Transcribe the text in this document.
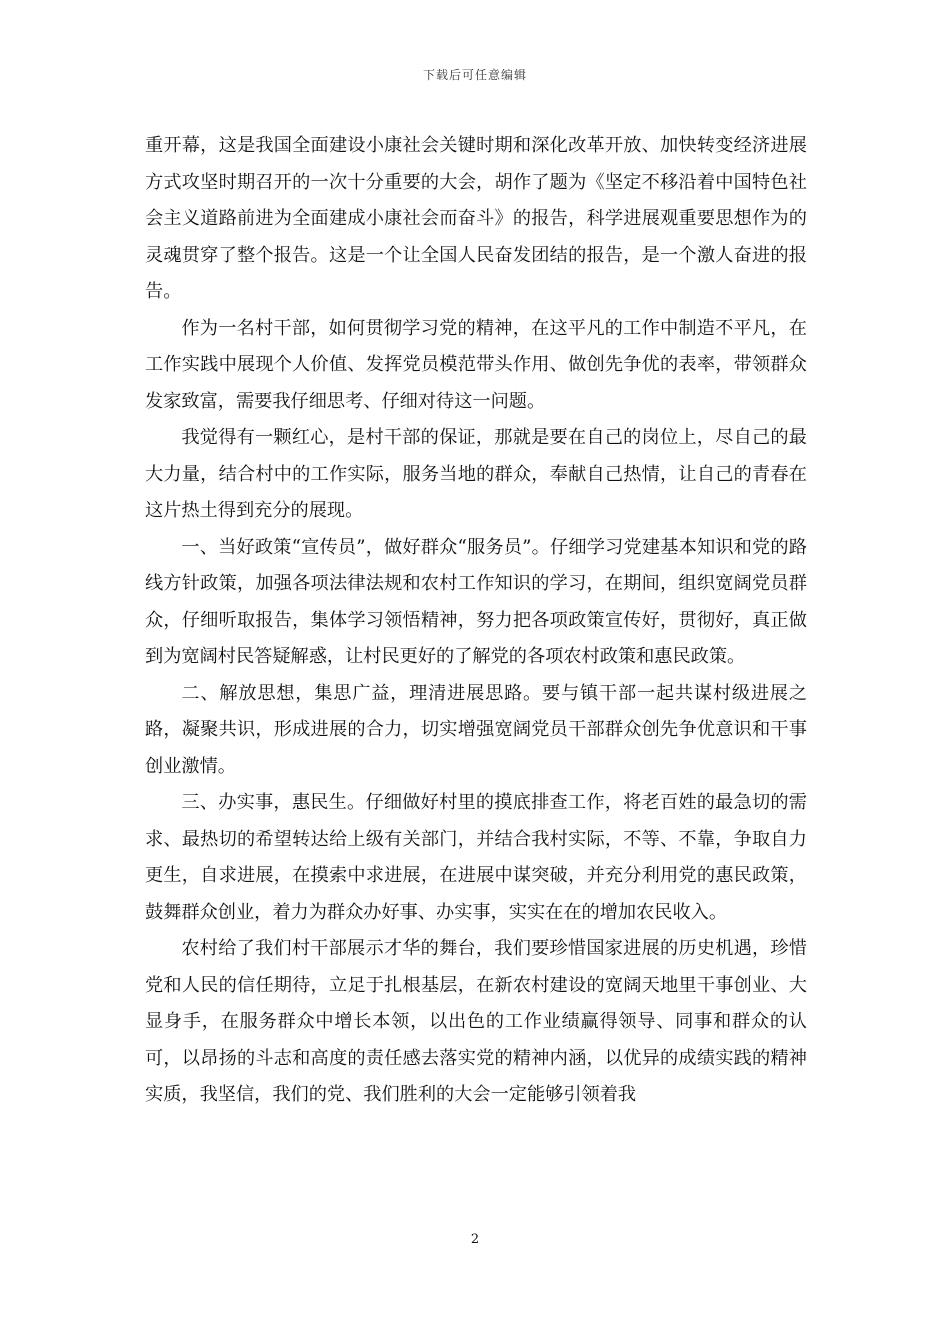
下载后可任意编辑

重开幕，这是我国全面建设小康社会关键时期和深化改革开放、加快转变经济进展方式攻坚时期召开的一次十分重要的大会，胡作了题为《坚定不移沿着中国特色社会主义道路前进为全面建成小康社会而奋斗》的报告，科学进展观重要思想作为的灵魂贯穿了整个报告。这是一个让全国人民奋发团结的报告，是一个激人奋进的报告。

作为一名村干部，如何贯彻学习党的精神，在这平凡的工作中制造不平凡，在工作实践中展现个人价值、发挥党员模范带头作用、做创先争优的表率，带领群众发家致富，需要我仔细思考、仔细对待这一问题。

我觉得有一颗红心，是村干部的保证，那就是要在自己的岗位上，尽自己的最大力量，结合村中的工作实际，服务当地的群众，奉献自己热情，让自己的青春在这片热土得到充分的展现。

一、当好政策“宣传员”，做好群众“服务员”。仔细学习党建基本知识和党的路线方针政策，加强各项法律法规和农村工作知识的学习，在期间，组织宽阔党员群众，仔细听取报告，集体学习领悟精神，努力把各项政策宣传好，贯彻好，真正做到为宽阔村民答疑解惑，让村民更好的了解党的各项农村政策和惠民政策。

二、解放思想，集思广益，理清进展思路。要与镇干部一起共谋村级进展之路，凝聚共识，形成进展的合力，切实增强宽阔党员干部群众创先争优意识和干事创业激情。

三、办实事，惠民生。仔细做好村里的摸底排查工作，将老百姓的最急切的需求、最热切的希望转达给上级有关部门，并结合我村实际，不等、不靠，争取自力更生，自求进展，在摸索中求进展，在进展中谋突破，并充分利用党的惠民政策，鼓舞群众创业，着力为群众办好事、办实事，实实在在的增加农民收入。

农村给了我们村干部展示才华的舞台，我们要珍惜国家进展的历史机遇，珍惜党和人民的信任期待，立足于扎根基层，在新农村建设的宽阔天地里干事创业、大显身手，在服务群众中增长本领，以出色的工作业绩赢得领导、同事和群众的认可，以昂扬的斗志和高度的责任感去落实党的精神内涵，以优异的成绩实践的精神实质，我坚信，我们的党、我们胜利的大会一定能够引领着我

2
